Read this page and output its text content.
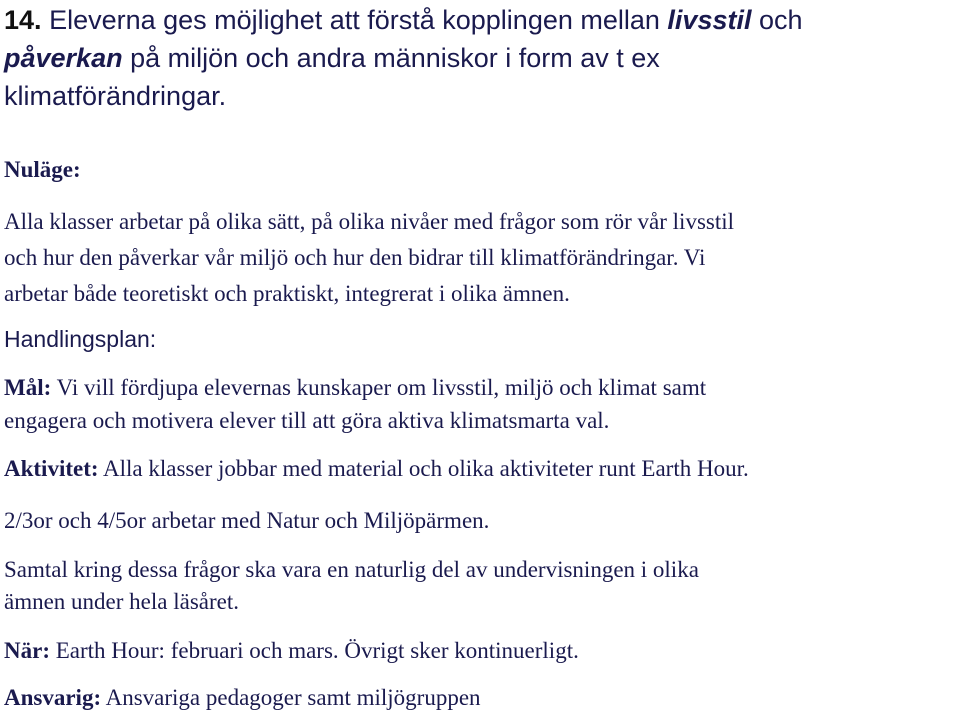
14. Eleverna ges möjlighet att förstå kopplingen mellan livsstil och
påverkan på miljön och andra människor i form av t ex
klimatförändringar.
Nuläge:
Alla klasser arbetar på olika sätt, på olika nivåer med frågor som rör vår livsstil
och hur den påverkar vår miljö och hur den bidrar till klimatförändringar. Vi
arbetar både teoretiskt och praktiskt, integrerat i olika ämnen.
Handlingsplan:
Mål: Vi vill fördjupa elevernas kunskaper om livsstil, miljö och klimat samt
engagera och motivera elever till att göra aktiva klimatsmarta val.
Aktivitet: Alla klasser jobbar med material och olika aktiviteter runt Earth Hour.
2/3or och 4/5or arbetar med Natur och Miljöpärmen.
Samtal kring dessa frågor ska vara en naturlig del av undervisningen i olika
ämnen under hela läsåret.
När: Earth Hour: februari och mars. Övrigt sker kontinuerligt.
Ansvarig: Ansvariga pedagoger samt miljögruppen
